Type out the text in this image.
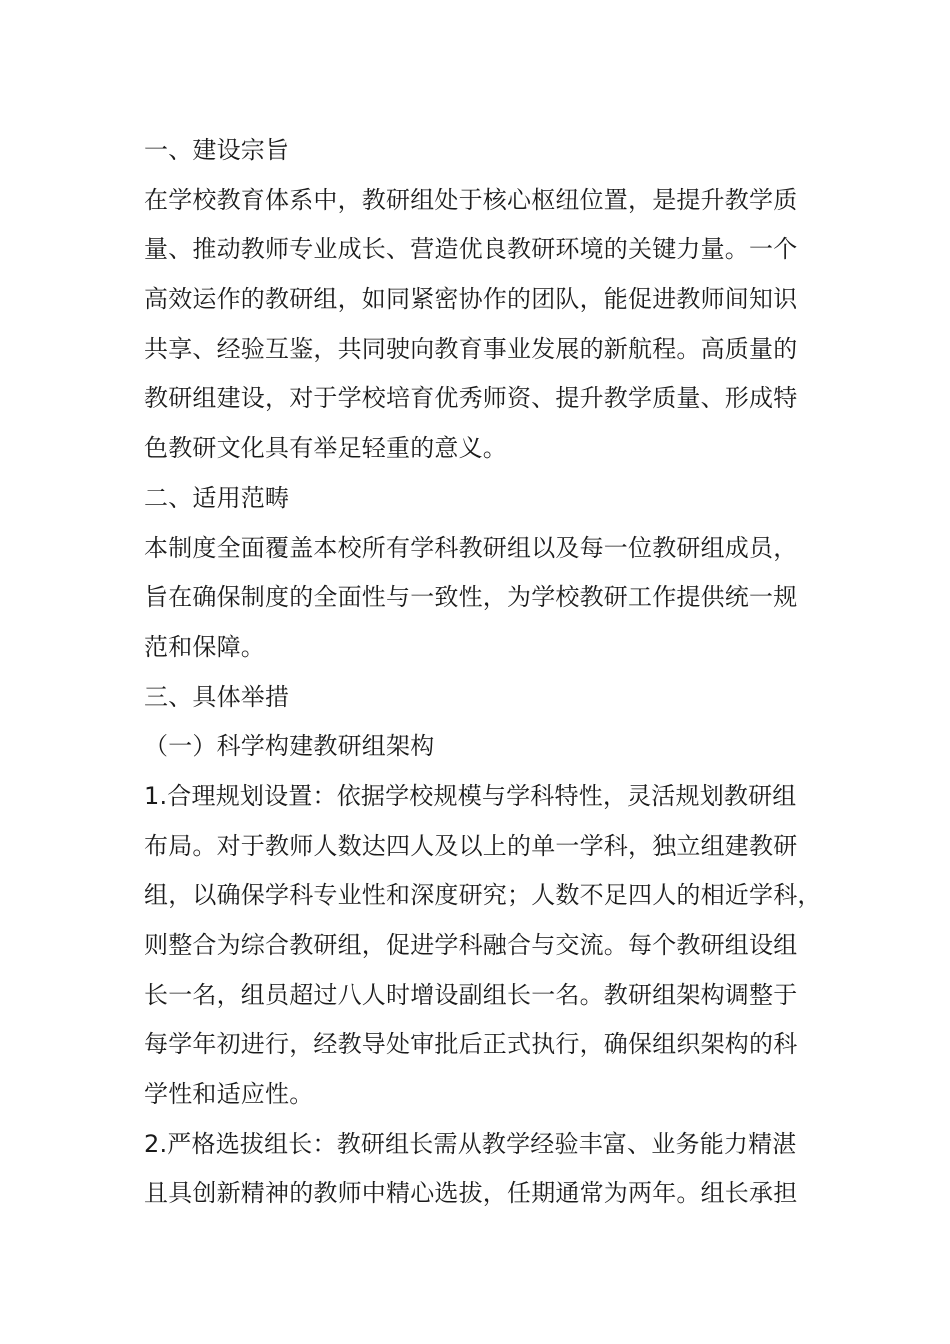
一、建设宗旨
在学校教育体系中，教研组处于核心枢纽位置，是提升教学质
量、推动教师专业成长、营造优良教研环境的关键力量。一个
高效运作的教研组，如同紧密协作的团队，能促进教师间知识
共享、经验互鉴，共同驶向教育事业发展的新航程。高质量的
教研组建设，对于学校培育优秀师资、提升教学质量、形成特
色教研文化具有举足轻重的意义。
二、适用范畴
本制度全面覆盖本校所有学科教研组以及每一位教研组成员，
旨在确保制度的全面性与一致性，为学校教研工作提供统一规
范和保障。
三、具体举措
（一）科学构建教研组架构
1.合理规划设置：依据学校规模与学科特性，灵活规划教研组
布局。对于教师人数达四人及以上的单一学科，独立组建教研
组，以确保学科专业性和深度研究；人数不足四人的相近学科，
则整合为综合教研组，促进学科融合与交流。每个教研组设组
长一名，组员超过八人时增设副组长一名。教研组架构调整于
每学年初进行，经教导处审批后正式执行，确保组织架构的科
学性和适应性。
2.严格选拔组长：教研组长需从教学经验丰富、业务能力精湛
且具创新精神的教师中精心选拔，任期通常为两年。组长承担
